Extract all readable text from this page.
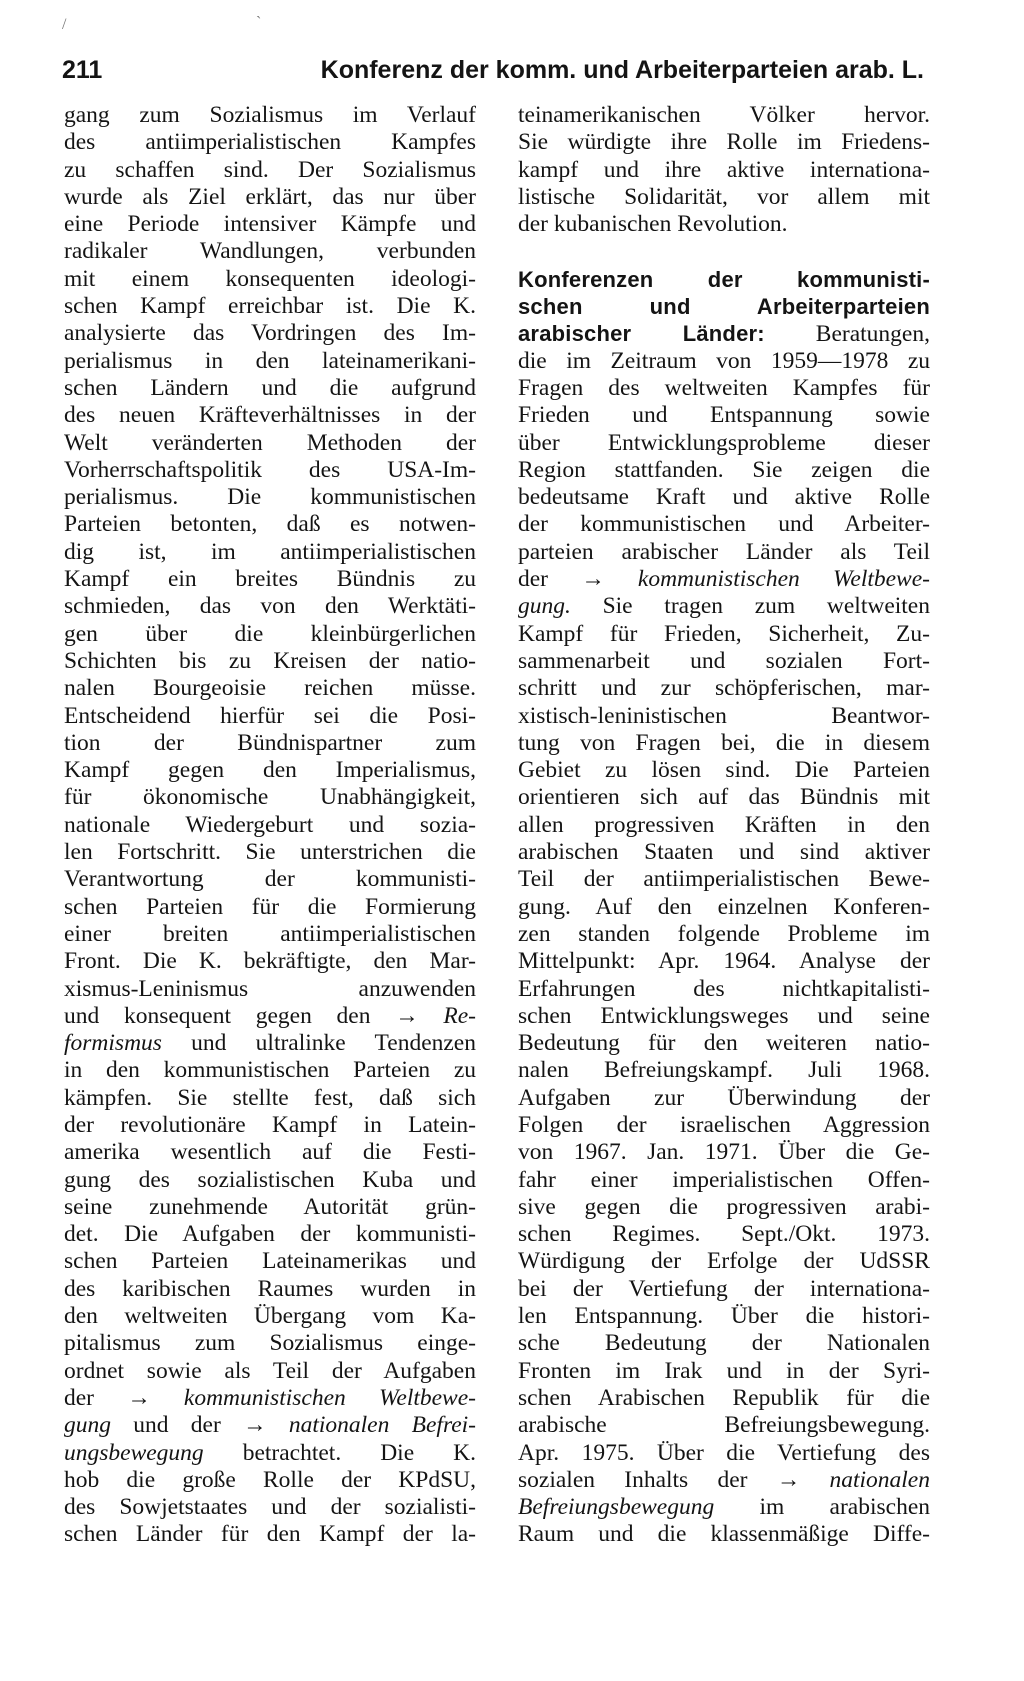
211	Konferenz der komm. und Arbeiterparteien arab. L.
gang zum Sozialismus im Verlauf
des antiimperialistischen Kampfes
zu schaffen sind. Der Sozialismus
wurde als Ziel erklärt, das nur über
eine Periode intensiver Kämpfe und
radikaler Wandlungen, verbunden
mit einem konsequenten ideologi-
schen Kampf erreichbar ist. Die K.
analysierte das Vordringen des Im-
perialismus in den lateinamerikani-
schen Ländern und die aufgrund
des neuen Kräfteverhältnisses in der
Welt veränderten Methoden der
Vorherrschaftspolitik des USA-Im-
perialismus. Die kommunistischen
Parteien betonten, daß es notwen-
dig ist, im antiimperialistischen
Kampf ein breites Bündnis zu
schmieden, das von den Werktäti-
gen über die kleinbürgerlichen
Schichten bis zu Kreisen der natio-
nalen Bourgeoisie reichen müsse.
Entscheidend hierfür sei die Posi-
tion der Bündnispartner zum
Kampf gegen den Imperialismus,
für ökonomische Unabhängigkeit,
nationale Wiedergeburt und sozia-
len Fortschritt. Sie unterstrichen die
Verantwortung der kommunisti-
schen Parteien für die Formierung
einer breiten antiimperialistischen
Front. Die K. bekräftigte, den Mar-
xismus-Leninismus anzuwenden
und konsequent gegen den → Re-
formismus und ultralinke Tendenzen
in den kommunistischen Parteien zu
kämpfen. Sie stellte fest, daß sich
der revolutionäre Kampf in Latein-
amerika wesentlich auf die Festi-
gung des sozialistischen Kuba und
seine zunehmende Autorität grün-
det. Die Aufgaben der kommunisti-
schen Parteien Lateinamerikas und
des karibischen Raumes wurden in
den weltweiten Übergang vom Ka-
pitalismus zum Sozialismus einge-
ordnet sowie als Teil der Aufgaben
der → kommunistischen Weltbewe-
gung und der → nationalen Befrei-
ungsbewegung betrachtet. Die K.
hob die große Rolle der KPdSU,
des Sowjetstaates und der sozialisti-
schen Länder für den Kampf der la-
teinamerikanischen Völker hervor.
Sie würdigte ihre Rolle im Friedens-
kampf und ihre aktive internationa-
listische Solidarität, vor allem mit
der kubanischen Revolution.

Konferenzen der kommunisti-
schen und Arbeiterparteien
arabischer Länder: Beratungen,
die im Zeitraum von 1959—1978 zu
Fragen des weltweiten Kampfes für
Frieden und Entspannung sowie
über Entwicklungsprobleme dieser
Region stattfanden. Sie zeigen die
bedeutsame Kraft und aktive Rolle
der kommunistischen und Arbeiter-
parteien arabischer Länder als Teil
der → kommunistischen Weltbewe-
gung. Sie tragen zum weltweiten
Kampf für Frieden, Sicherheit, Zu-
sammenarbeit und sozialen Fort-
schritt und zur schöpferischen, mar-
xistisch-leninistischen Beantwor-
tung von Fragen bei, die in diesem
Gebiet zu lösen sind. Die Parteien
orientieren sich auf das Bündnis mit
allen progressiven Kräften in den
arabischen Staaten und sind aktiver
Teil der antiimperialistischen Bewe-
gung. Auf den einzelnen Konferen-
zen standen folgende Probleme im
Mittelpunkt: Apr. 1964. Analyse der
Erfahrungen des nichtkapitalisti-
schen Entwicklungsweges und seine
Bedeutung für den weiteren natio-
nalen Befreiungskampf. Juli 1968.
Aufgaben zur Überwindung der
Folgen der israelischen Aggression
von 1967. Jan. 1971. Über die Ge-
fahr einer imperialistischen Offen-
sive gegen die progressiven arabi-
schen Regimes. Sept./Okt. 1973.
Würdigung der Erfolge der UdSSR
bei der Vertiefung der internationa-
len Entspannung. Über die histori-
sche Bedeutung der Nationalen
Fronten im Irak und in der Syri-
schen Arabischen Republik für die
arabische Befreiungsbewegung.
Apr. 1975. Über die Vertiefung des
sozialen Inhalts der → nationalen
Befreiungsbewegung im arabischen
Raum und die klassenmäßige Diffe-
/	`
